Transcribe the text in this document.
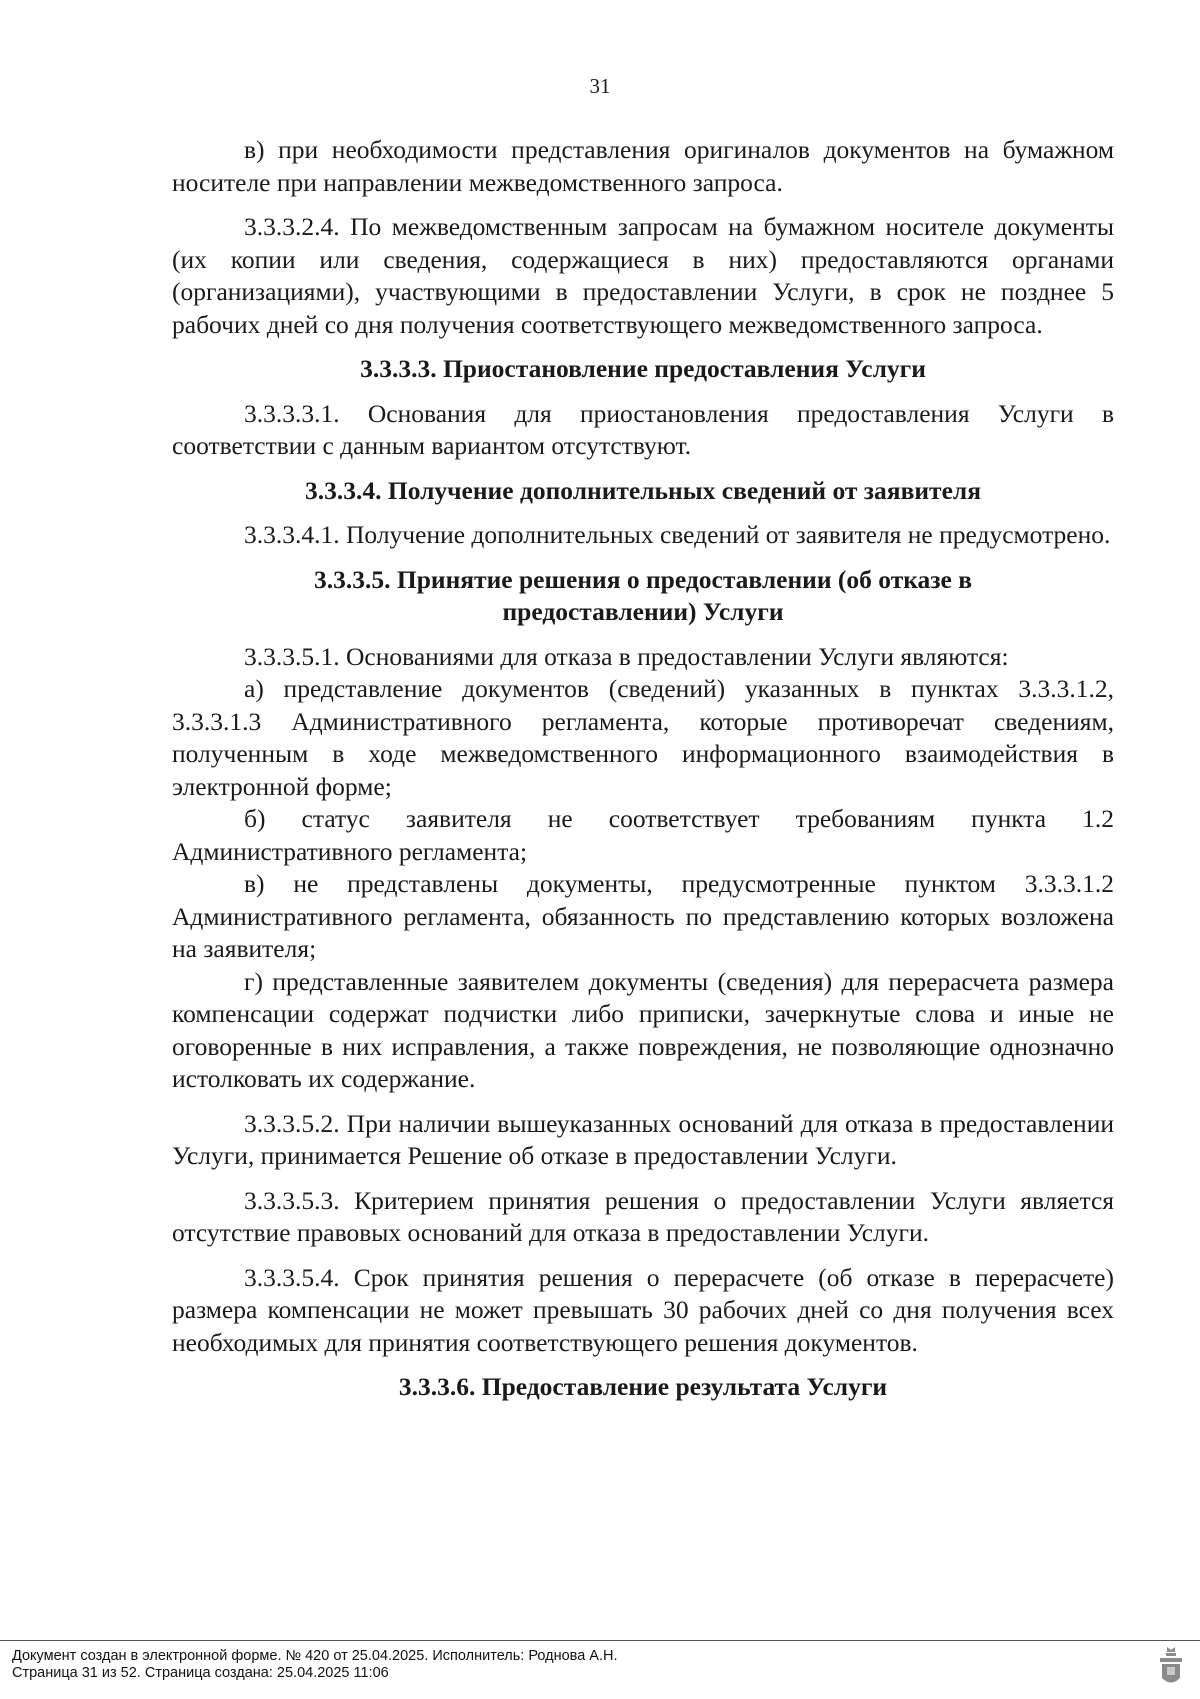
31

в) при необходимости представления оригиналов документов на бумажном носителе при направлении межведомственного запроса.

3.3.3.2.4. По межведомственным запросам на бумажном носителе документы (их копии или сведения, содержащиеся в них) предоставляются органами (организациями), участвующими в предоставлении Услуги, в срок не позднее 5 рабочих дней со дня получения соответствующего межведомственного запроса.

3.3.3.3. Приостановление предоставления Услуги

3.3.3.3.1. Основания для приостановления предоставления Услуги в соответствии с данным вариантом отсутствуют.

3.3.3.4. Получение дополнительных сведений от заявителя

3.3.3.4.1. Получение дополнительных сведений от заявителя не предусмотрено.

3.3.3.5. Принятие решения о предоставлении (об отказе в предоставлении) Услуги

3.3.3.5.1. Основаниями для отказа в предоставлении Услуги являются:

а) представление документов (сведений) указанных в пунктах 3.3.3.1.2, 3.3.3.1.3 Административного регламента, которые противоречат сведениям, полученным в ходе межведомственного информационного взаимодействия в электронной форме;

б) статус заявителя не соответствует требованиям пункта 1.2 Административного регламента;

в) не представлены документы, предусмотренные пунктом 3.3.3.1.2 Административного регламента, обязанность по представлению которых возложена на заявителя;

г) представленные заявителем документы (сведения) для перерасчета размера компенсации содержат подчистки либо приписки, зачеркнутые слова и иные не оговоренные в них исправления, а также повреждения, не позволяющие однозначно истолковать их содержание.

3.3.3.5.2. При наличии вышеуказанных оснований для отказа в предоставлении Услуги, принимается Решение об отказе в предоставлении Услуги.

3.3.3.5.3. Критерием принятия решения о предоставлении Услуги является отсутствие правовых оснований для отказа в предоставлении Услуги.

3.3.3.5.4. Срок принятия решения о перерасчете (об отказе в перерасчете) размера компенсации не может превышать 30 рабочих дней со дня получения всех необходимых для принятия соответствующего решения документов.

3.3.3.6. Предоставление результата Услуги

Документ создан в электронной форме. № 420 от 25.04.2025. Исполнитель: Роднова А.Н.
Страница 31 из 52. Страница создана: 25.04.2025 11:06
